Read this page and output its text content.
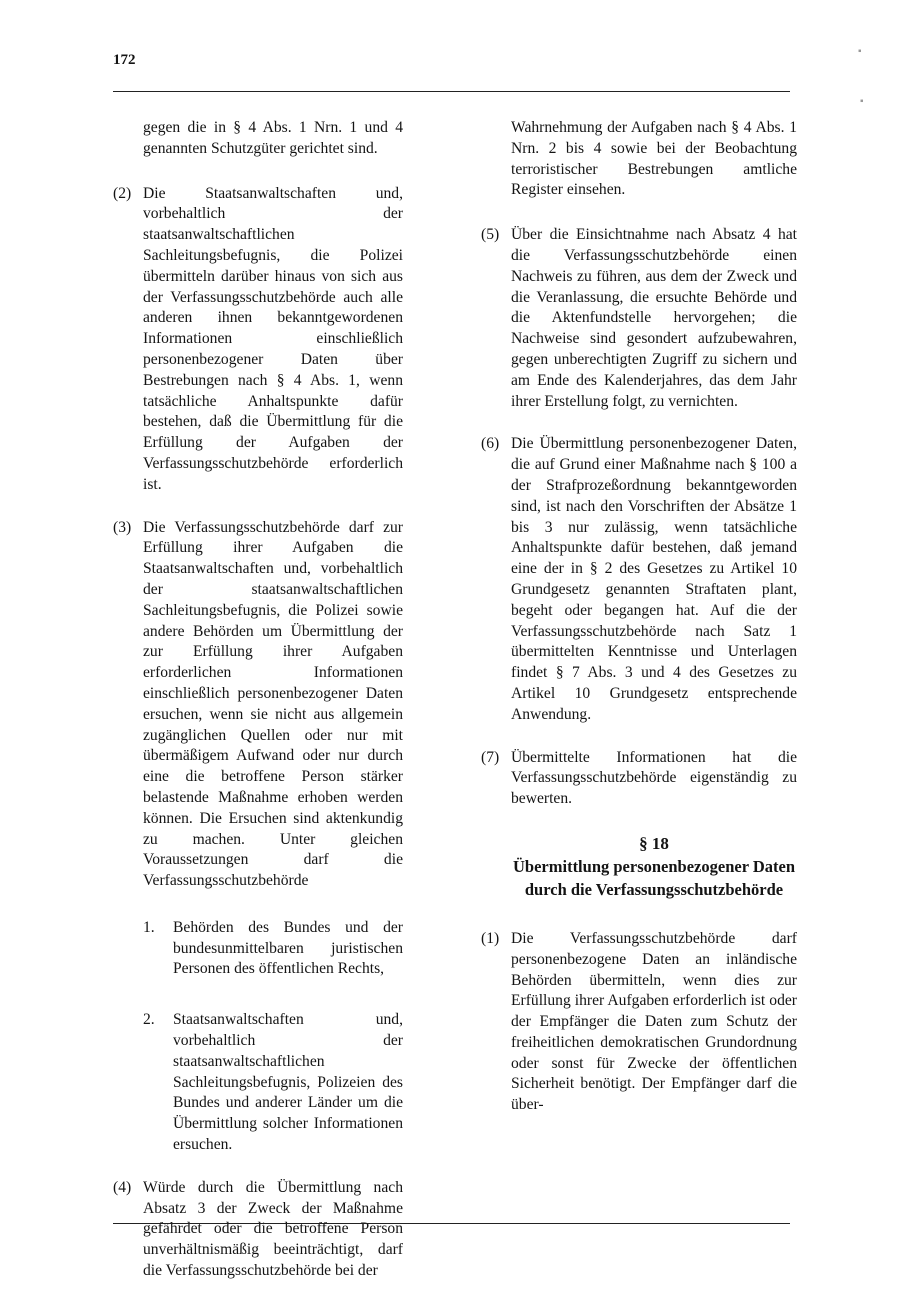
172
▪
▪
gegen die in § 4 Abs. 1 Nrn. 1 und 4 genannten Schutzgüter gerichtet sind.
(2) Die Staatsanwaltschaften und, vorbehaltlich der staatsanwaltschaftlichen Sachleitungsbefugnis, die Polizei übermitteln darüber hinaus von sich aus der Verfassungsschutzbehörde auch alle anderen ihnen bekanntgewordenen Informationen einschließlich personenbezogener Daten über Bestrebungen nach § 4 Abs. 1, wenn tatsächliche Anhaltspunkte dafür bestehen, daß die Übermittlung für die Erfüllung der Aufgaben der Verfassungsschutzbehörde erforderlich ist.
(3) Die Verfassungsschutzbehörde darf zur Erfüllung ihrer Aufgaben die Staatsanwaltschaften und, vorbehaltlich der staatsanwaltschaftlichen Sachleitungsbefugnis, die Polizei sowie andere Behörden um Übermittlung der zur Erfüllung ihrer Aufgaben erforderlichen Informationen einschließlich personenbezogener Daten ersuchen, wenn sie nicht aus allgemein zugänglichen Quellen oder nur mit übermäßigem Aufwand oder nur durch eine die betroffene Person stärker belastende Maßnahme erhoben werden können. Die Ersuchen sind aktenkundig zu machen. Unter gleichen Voraussetzungen darf die Verfassungsschutzbehörde
1. Behörden des Bundes und der bundesunmittelbaren juristischen Personen des öffentlichen Rechts,
2. Staatsanwaltschaften und, vorbehaltlich der staatsanwaltschaftlichen Sachleitungsbefugnis, Polizeien des Bundes und anderer Länder um die Übermittlung solcher Informationen ersuchen.
(4) Würde durch die Übermittlung nach Absatz 3 der Zweck der Maßnahme gefährdet oder die betroffene Person unverhältnismäßig beeinträchtigt, darf die Verfassungsschutzbehörde bei der
Wahrnehmung der Aufgaben nach § 4 Abs. 1 Nrn. 2 bis 4 sowie bei der Beobachtung terroristischer Bestrebungen amtliche Register einsehen.
(5) Über die Einsichtnahme nach Absatz 4 hat die Verfassungsschutzbehörde einen Nachweis zu führen, aus dem der Zweck und die Veranlassung, die ersuchte Behörde und die Aktenfundstelle hervorgehen; die Nachweise sind gesondert aufzubewahren, gegen unberechtigten Zugriff zu sichern und am Ende des Kalenderjahres, das dem Jahr ihrer Erstellung folgt, zu vernichten.
(6) Die Übermittlung personenbezogener Daten, die auf Grund einer Maßnahme nach § 100 a der Strafprozeßordnung bekanntgeworden sind, ist nach den Vorschriften der Absätze 1 bis 3 nur zulässig, wenn tatsächliche Anhaltspunkte dafür bestehen, daß jemand eine der in § 2 des Gesetzes zu Artikel 10 Grundgesetz genannten Straftaten plant, begeht oder begangen hat. Auf die der Verfassungsschutzbehörde nach Satz 1 übermittelten Kenntnisse und Unterlagen findet § 7 Abs. 3 und 4 des Gesetzes zu Artikel 10 Grundgesetz entsprechende Anwendung.
(7) Übermittelte Informationen hat die Verfassungsschutzbehörde eigenständig zu bewerten.
§ 18
Übermittlung personenbezogener Daten durch die Verfassungsschutzbehörde
(1) Die Verfassungsschutzbehörde darf personenbezogene Daten an inländische Behörden übermitteln, wenn dies zur Erfüllung ihrer Aufgaben erforderlich ist oder der Empfänger die Daten zum Schutz der freiheitlichen demokratischen Grundordnung oder sonst für Zwecke der öffentlichen Sicherheit benötigt. Der Empfänger darf die über-
